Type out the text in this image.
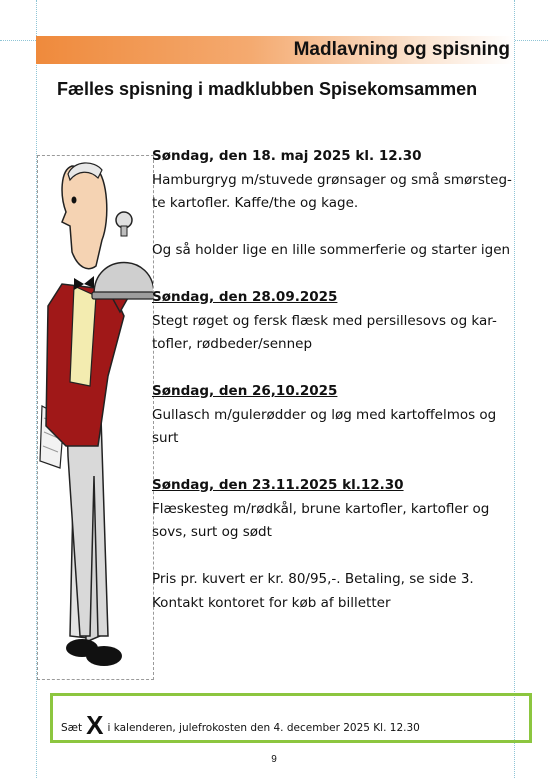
Madlavning og spisning
Fælles spisning i madklubben Spisekomsammen
Søndag, den 18. maj 2025 kl. 12.30

Hamburgryg m/stuvede grønsager og små smørsteg-te kartofler. Kaffe/the og kage.

Og så holder lige en lille sommerferie og starter igen

Søndag, den 28.09.2025

Stegt røget og fersk flæsk med persillesovs og kar-tofler, rødbeder/sennep

Søndag, den 26,10.2025

Gullasch m/gulerødder og løg med kartoffelmos og surt

Søndag, den 23.11.2025 kl.12.30

Flæskesteg m/rødkål, brune kartofler, kartofler og sovs, surt og sødt

Pris pr. kuvert er kr. 80/95,-. Betaling, se side 3.

Kontakt kontoret for køb af billetter

Sæt X i kalenderen, julefrokosten den 4. december 2025 Kl. 12.30
9
